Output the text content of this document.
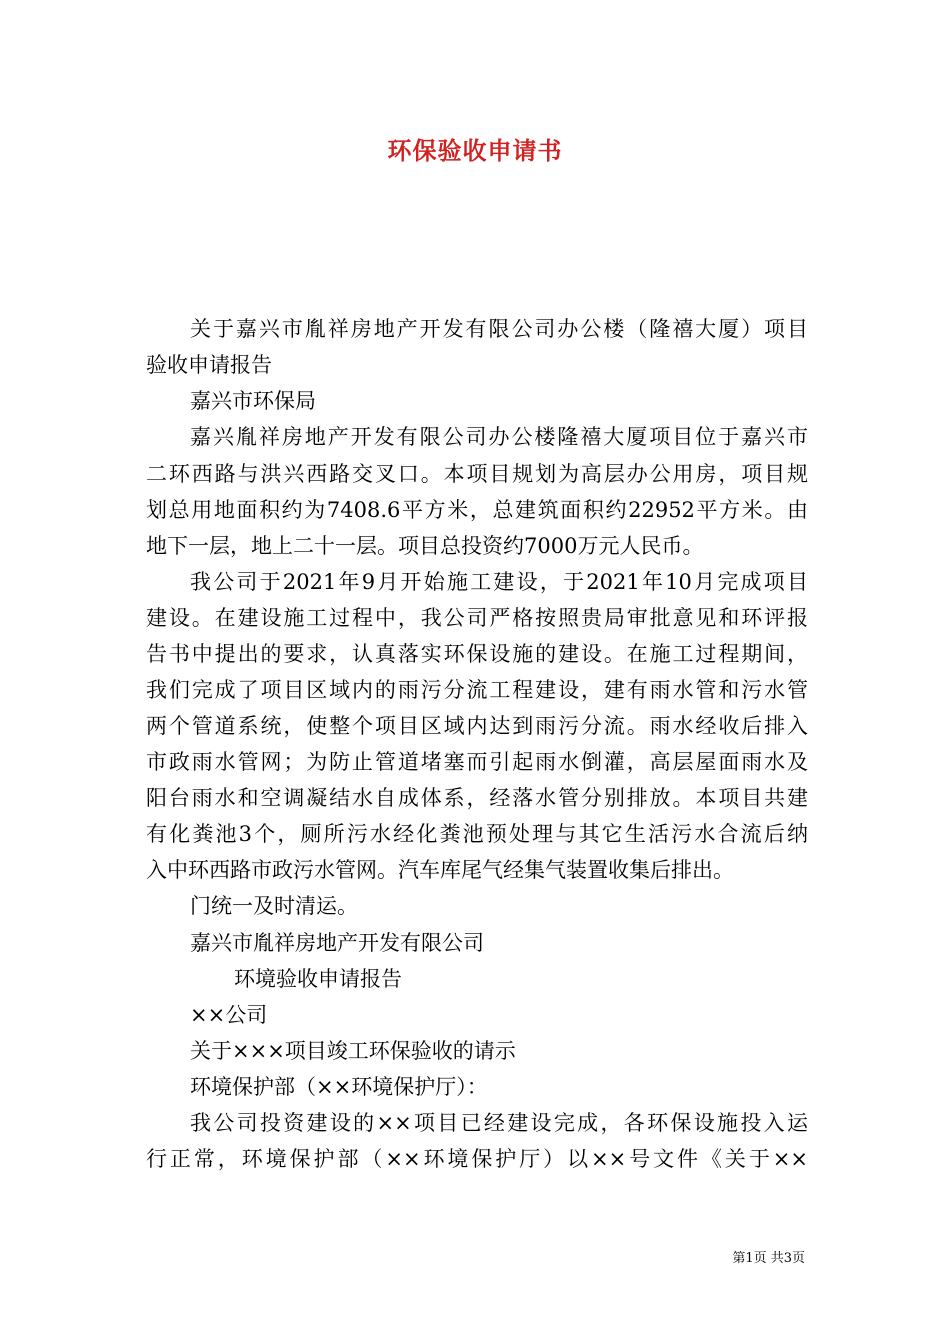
环保验收申请书
关于嘉兴市胤祥房地产开发有限公司办公楼（隆禧大厦）项目
验收申请报告
嘉兴市环保局
嘉兴胤祥房地产开发有限公司办公楼隆禧大厦项目位于嘉兴市
二环西路与洪兴西路交叉口。本项目规划为高层办公用房，项目规
划总用地面积约为7408.6平方米，总建筑面积约22952平方米。由
地下一层，地上二十一层。项目总投资约7000万元人民币。
我公司于2021年9月开始施工建设，于2021年10月完成项目
建设。在建设施工过程中，我公司严格按照贵局审批意见和环评报
告书中提出的要求，认真落实环保设施的建设。在施工过程期间，
我们完成了项目区域内的雨污分流工程建设，建有雨水管和污水管
两个管道系统，使整个项目区域内达到雨污分流。雨水经收后排入
市政雨水管网；为防止管道堵塞而引起雨水倒灌，高层屋面雨水及
阳台雨水和空调凝结水自成体系，经落水管分别排放。本项目共建
有化粪池3个，厕所污水经化粪池预处理与其它生活污水合流后纳
入中环西路市政污水管网。汽车库尾气经集气装置收集后排出。
门统一及时清运。
嘉兴市胤祥房地产开发有限公司
环境验收申请报告
××公司
关于×××项目竣工环保验收的请示
环境保护部（××环境保护厅）：
我公司投资建设的××项目已经建设完成，各环保设施投入运
行正常，环境保护部（××环境保护厅）以××号文件《关于××
第1页 共3页
